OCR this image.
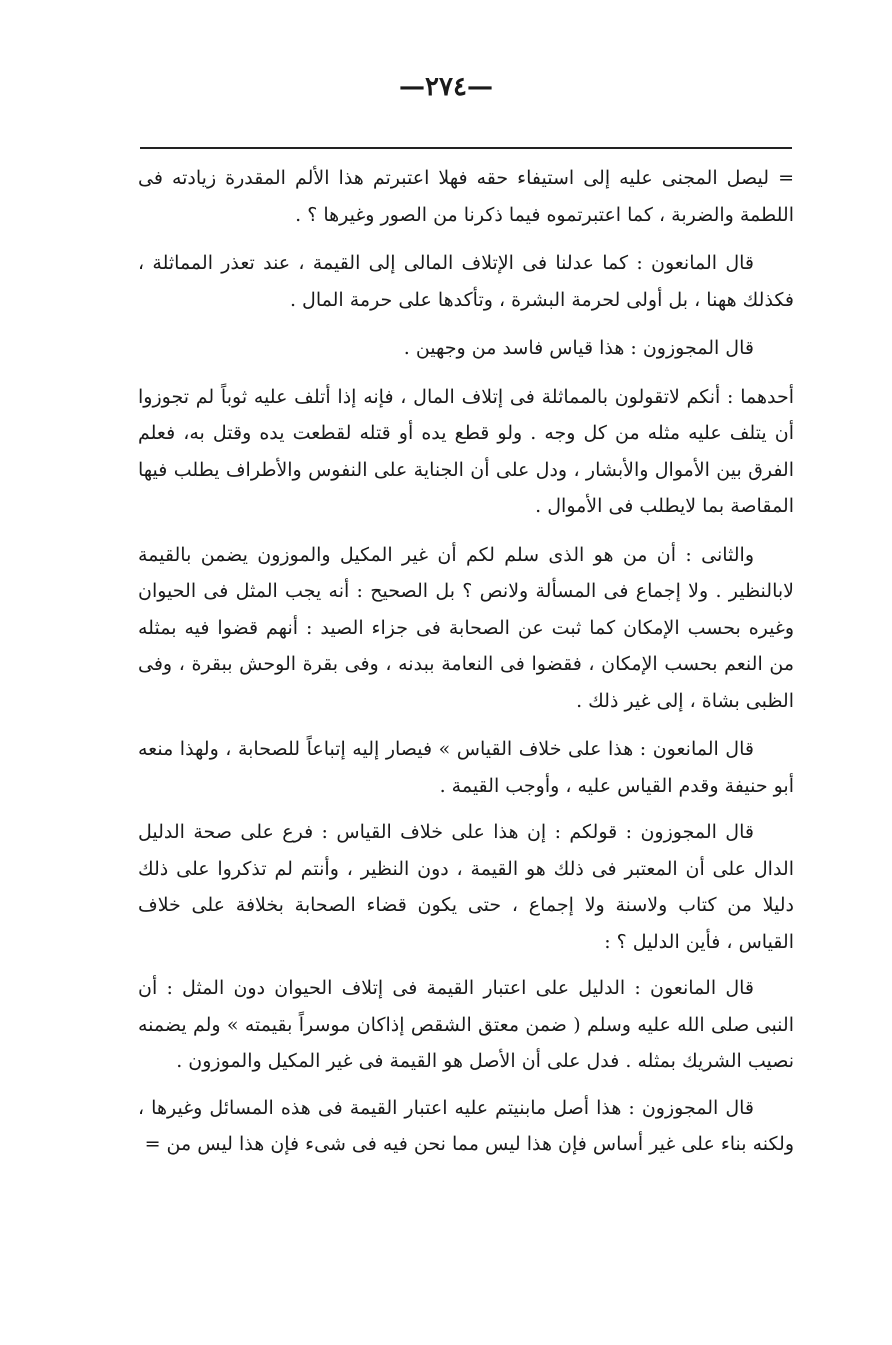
—٢٧٤—

= ليصل المجنى عليه إلى استيفاء حقه فهلا اعتبرتم هذا الألم المقدرة زيادته فى اللطمة والضربة ، كما اعتبرتموه فيما ذكرنا من الصور وغيرها ؟ .

قال المانعون : كما عدلنا فى الإتلاف المالى إلى القيمة ، عند تعذر المماثلة ، فكذلك ههنا ، بل أولى لحرمة البشرة ، وتأكدها على حرمة المال .

قال المجوزون : هذا قياس فاسد من وجهين .

أحدهما : أنكم لاتقولون بالمماثلة فى إتلاف المال ، فإنه إذا أتلف عليه ثوباً لم تجوزوا أن يتلف عليه مثله من كل وجه . ولو قطع يده أو قتله لقطعت يده وقتل به، فعلم الفرق بين الأموال والأبشار ، ودل على أن الجناية على النفوس والأطراف يطلب فيها المقاصة بما لايطلب فى الأموال .

والثانى : أن من هو الذى سلم لكم أن غير المكيل والموزون يضمن بالقيمة لابالنظير . ولا إجماع فى المسألة ولانص ؟ بل الصحيح : أنه يجب المثل فى الحيوان وغيره بحسب الإمكان كما ثبت عن الصحابة فى جزاء الصيد : أنهم قضوا فيه بمثله من النعم بحسب الإمكان ، فقضوا فى النعامة ببدنه ، وفى بقرة الوحش ببقرة ، وفى الظبى بشاة ، إلى غير ذلك .

قال المانعون : هذا على خلاف القياس » فيصار إليه إتباعاً للصحابة ، ولهذا منعه أبو حنيفة وقدم القياس عليه ، وأوجب القيمة .

قال المجوزون : قولكم : إن هذا على خلاف القياس : فرع على صحة الدليل الدال على أن المعتبر فى ذلك هو القيمة ، دون النظير ، وأنتم لم تذكروا على ذلك دليلا من كتاب ولاسنة ولا إجماع ، حتى يكون قضاء الصحابة بخلافة على خلاف القياس ، فأين الدليل ؟ :

قال المانعون : الدليل على اعتبار القيمة فى إتلاف الحيوان دون المثل : أن النبى صلى الله عليه وسلم ( ضمن معتق الشقص إذاكان موسراً بقيمته » ولم يضمنه نصيب الشريك بمثله . فدل على أن الأصل هو القيمة فى غير المكيل والموزون .

قال المجوزون : هذا أصل مابنيتم عليه اعتبار القيمة فى هذه المسائل وغيرها ، ولكنه بناء على غير أساس فإن هذا ليس مما نحن فيه فى شىء فإن هذا ليس من =
